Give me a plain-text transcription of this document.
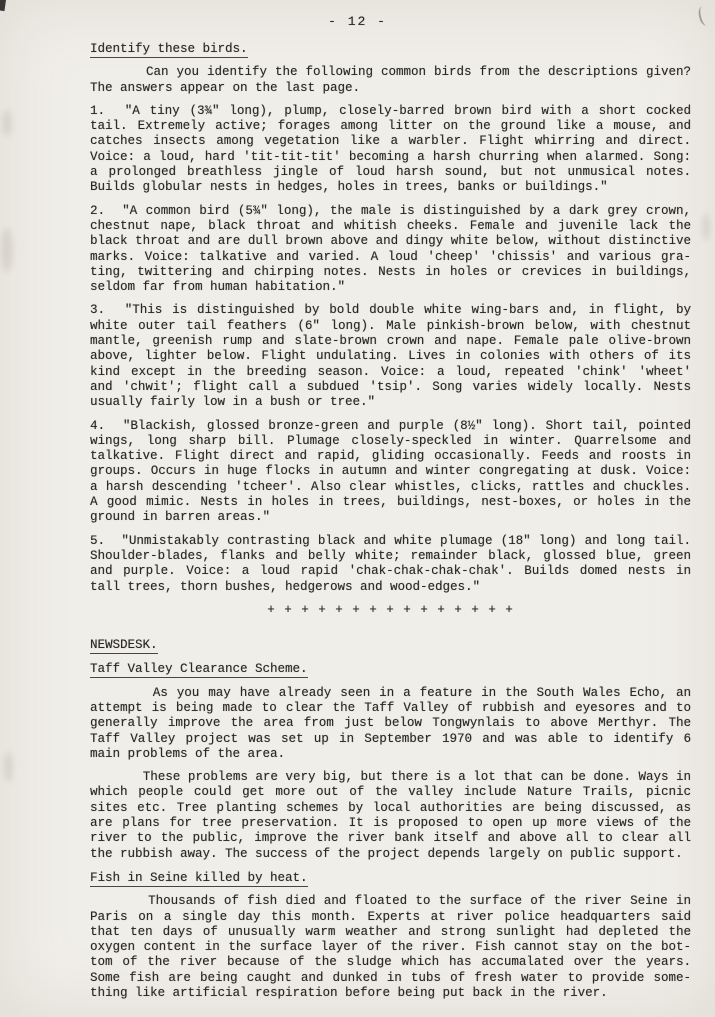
- 12 -
Identify these birds.
Can you identify the following common birds from the descriptions given?
The answers appear on the last page.
1.  "A tiny (3¾" long), plump, closely-barred brown bird with a short cocked
tail. Extremely active; forages among litter on the ground like a mouse, and
catches insects among vegetation like a warbler. Flight whirring and direct.
Voice: a loud, hard 'tit-tit-tit' becoming a harsh churring when alarmed. Song:
a prolonged breathless jingle of loud harsh sound, but not unmusical notes.
Builds globular nests in hedges, holes in trees, banks or buildings."
2.  "A common bird (5¾" long), the male is distinguished by a dark grey crown,
chestnut nape, black throat and whitish cheeks. Female and juvenile lack the
black throat and are dull brown above and dingy white below, without distinctive
marks. Voice: talkative and varied. A loud 'cheep' 'chissis' and various gra-
ting, twittering and chirping notes. Nests in holes or crevices in buildings,
seldom far from human habitation."
3.  "This is distinguished by bold double white wing-bars and, in flight, by
white outer tail feathers (6" long). Male pinkish-brown below, with chestnut
mantle, greenish rump and slate-brown crown and nape. Female pale olive-brown
above, lighter below. Flight undulating. Lives in colonies with others of its
kind except in the breeding season. Voice: a loud, repeated 'chink' 'wheet'
and 'chwit'; flight call a subdued 'tsip'. Song varies widely locally. Nests
usually fairly low in a bush or tree."
4.  "Blackish, glossed bronze-green and purple (8½" long). Short tail, pointed
wings, long sharp bill. Plumage closely-speckled in winter. Quarrelsome and
talkative. Flight direct and rapid, gliding occasionally. Feeds and roosts in
groups. Occurs in huge flocks in autumn and winter congregating at dusk. Voice:
a harsh descending 'tcheer'. Also clear whistles, clicks, rattles and chuckles.
A good mimic. Nests in holes in trees, buildings, nest-boxes, or holes in the
ground in barren areas."
5.  "Unmistakably contrasting black and white plumage (18" long) and long tail.
Shoulder-blades, flanks and belly white; remainder black, glossed blue, green
and purple. Voice: a loud rapid 'chak-chak-chak-chak'. Builds domed nests in
tall trees, thorn bushes, hedgerows and wood-edges."
+ + + + + + + + + + + + + + +
NEWSDESK.
Taff Valley Clearance Scheme.
As you may have already seen in a feature in the South Wales Echo, an
attempt is being made to clear the Taff Valley of rubbish and eyesores and to
generally improve the area from just below Tongwynlais to above Merthyr. The
Taff Valley project was set up in September 1970 and was able to identify 6
main problems of the area.
These problems are very big, but there is a lot that can be done. Ways in
which people could get more out of the valley include Nature Trails, picnic
sites etc. Tree planting schemes by local authorities are being discussed, as
are plans for tree preservation. It is proposed to open up more views of the
river to the public, improve the river bank itself and above all to clear all
the rubbish away. The success of the project depends largely on public support.
Fish in Seine killed by heat.
Thousands of fish died and floated to the surface of the river Seine in
Paris on a single day this month. Experts at river police headquarters said
that ten days of unusually warm weather and strong sunlight had depleted the
oxygen content in the surface layer of the river. Fish cannot stay on the bot-
tom of the river because of the sludge which has accumalated over the years.
Some fish are being caught and dunked in tubs of fresh water to provide some-
thing like artificial respiration before being put back in the river.
